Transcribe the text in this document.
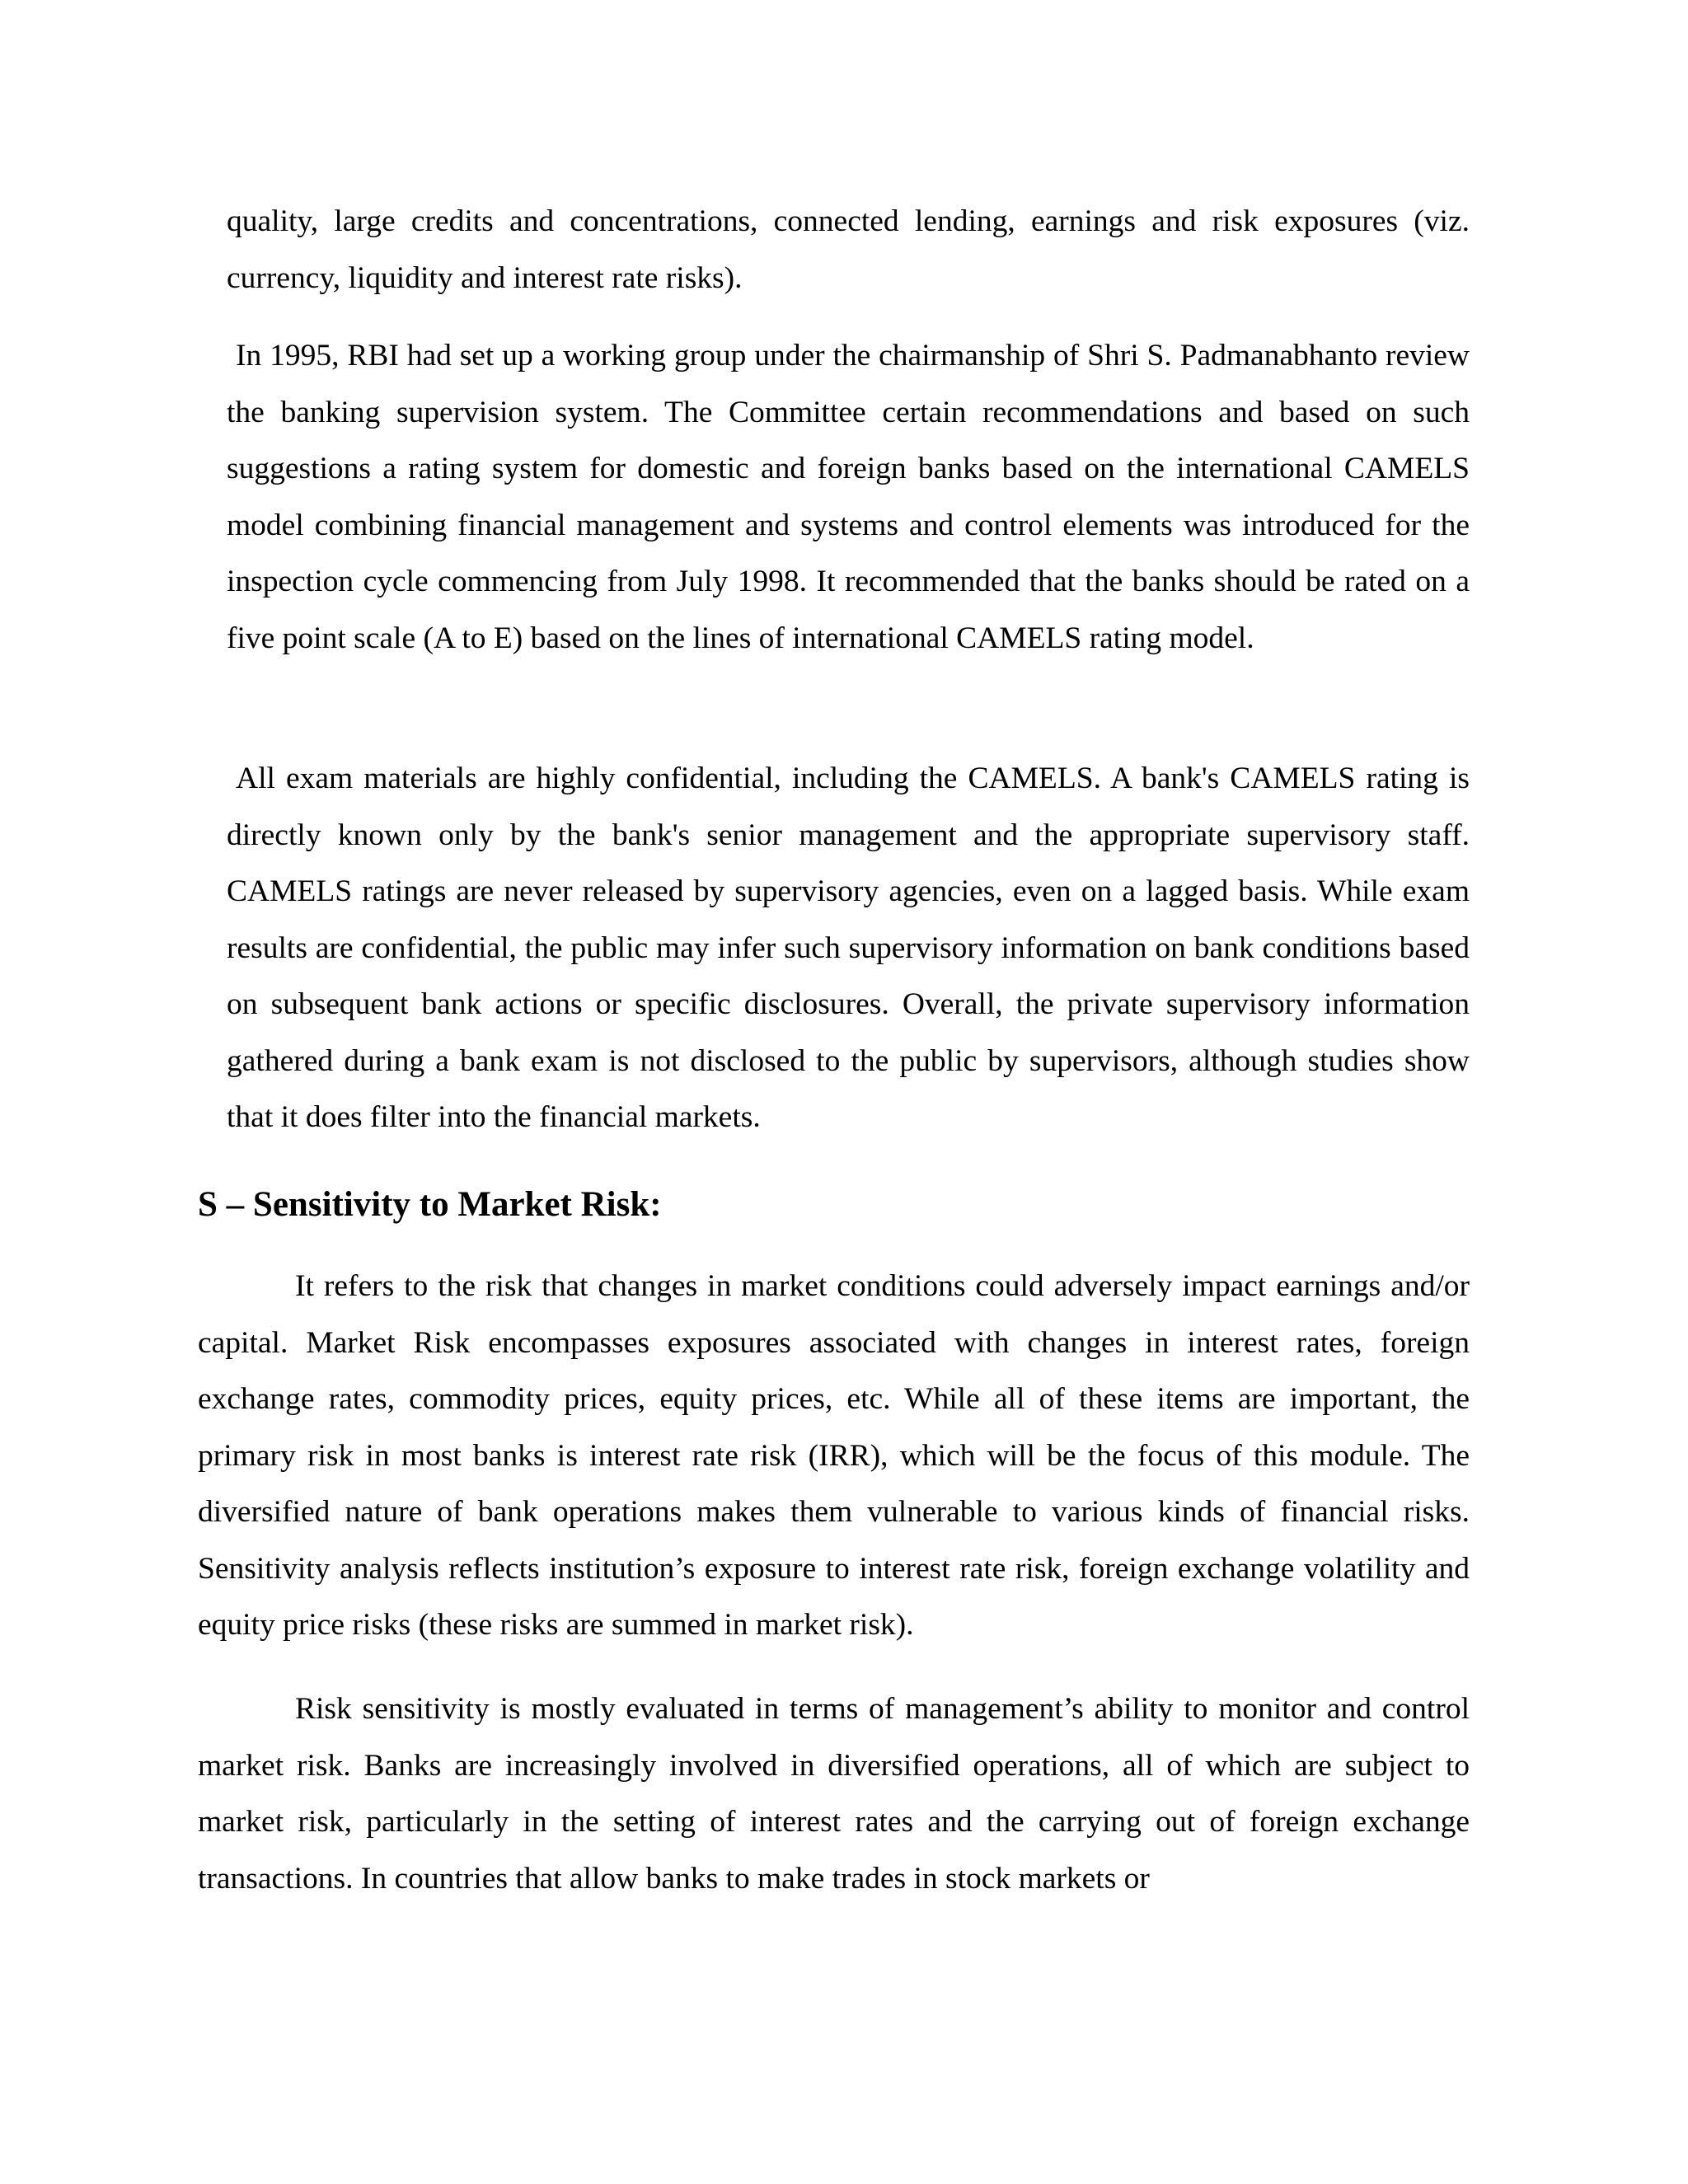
quality, large credits and concentrations, connected lending, earnings and risk exposures (viz. currency, liquidity and interest rate risks).

In 1995, RBI had set up a working group under the chairmanship of Shri S. Padmanabhanto review the banking supervision system. The Committee certain recommendations and based on such suggestions a rating system for domestic and foreign banks based on the international CAMELS model combining financial management and systems and control elements was introduced for the inspection cycle commencing from July 1998. It recommended that the banks should be rated on a five point scale (A to E) based on the lines of international CAMELS rating model.

All exam materials are highly confidential, including the CAMELS. A bank's CAMELS rating is directly known only by the bank's senior management and the appropriate supervisory staff. CAMELS ratings are never released by supervisory agencies, even on a lagged basis. While exam results are confidential, the public may infer such supervisory information on bank conditions based on subsequent bank actions or specific disclosures. Overall, the private supervisory information gathered during a bank exam is not disclosed to the public by supervisors, although studies show that it does filter into the financial markets.

S – Sensitivity to Market Risk:

It refers to the risk that changes in market conditions could adversely impact earnings and/or capital. Market Risk encompasses exposures associated with changes in interest rates, foreign exchange rates, commodity prices, equity prices, etc. While all of these items are important, the primary risk in most banks is interest rate risk (IRR), which will be the focus of this module. The diversified nature of bank operations makes them vulnerable to various kinds of financial risks. Sensitivity analysis reflects institution’s exposure to interest rate risk, foreign exchange volatility and equity price risks (these risks are summed in market risk).

Risk sensitivity is mostly evaluated in terms of management’s ability to monitor and control market risk. Banks are increasingly involved in diversified operations, all of which are subject to market risk, particularly in the setting of interest rates and the carrying out of foreign exchange transactions. In countries that allow banks to make trades in stock markets or
